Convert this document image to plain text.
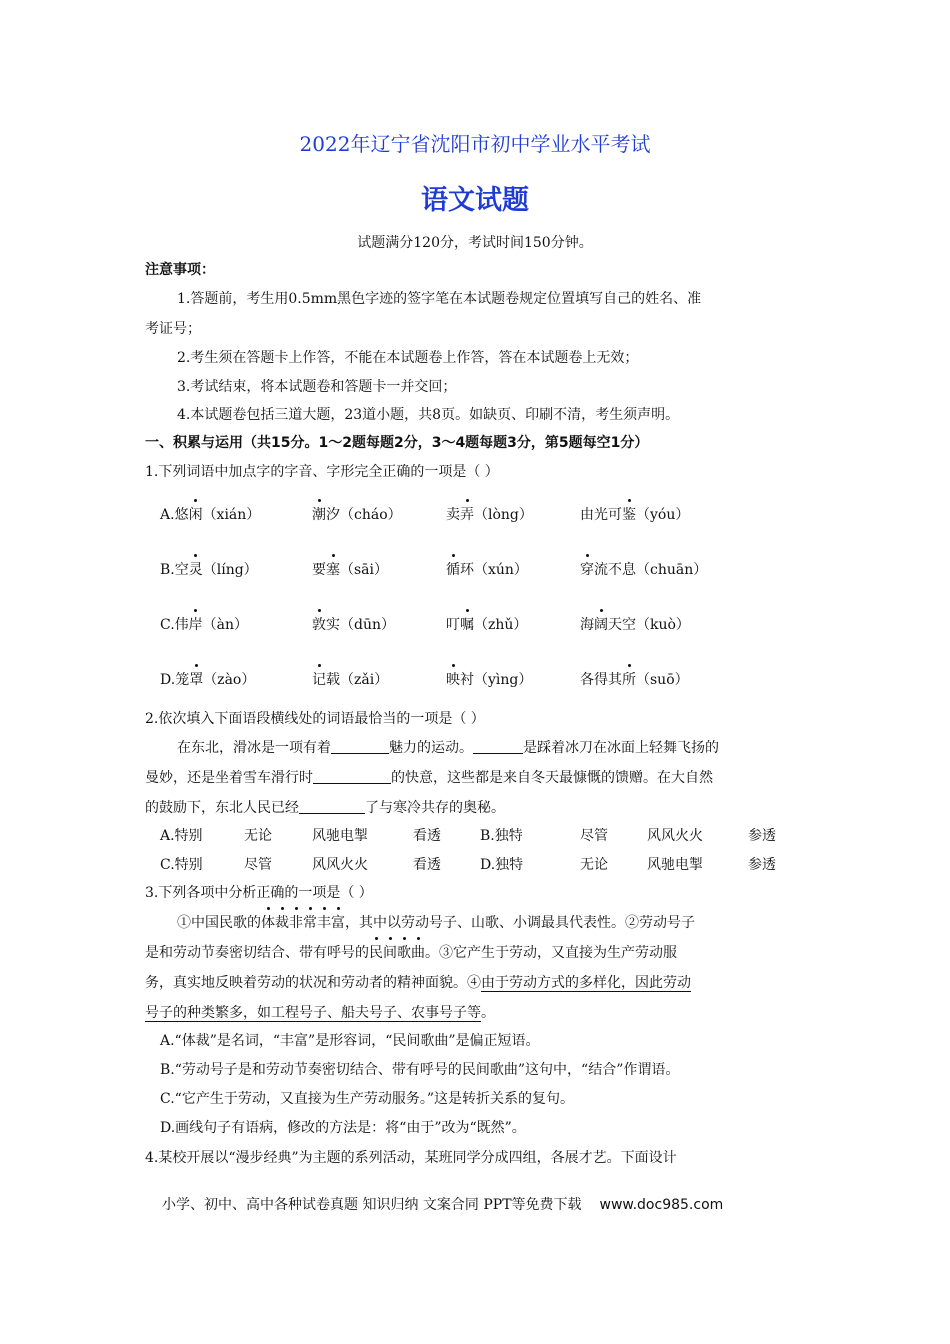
2022年辽宁省沈阳市初中学业水平考试
语文试题
试题满分120分，考试时间150分钟。
注意事项：
1.答题前，考生用0.5mm黑色字迹的签字笔在本试题卷规定位置填写自己的姓名、准
考证号；
2.考生须在答题卡上作答，不能在本试题卷上作答，答在本试题卷上无效；
3.考试结束，将本试题卷和答题卡一并交回；
4.本试题卷包括三道大题，23道小题，共8页。如缺页、印刷不清，考生须声明。
一、积累与运用（共15分。1～2题每题2分，3～4题每题3分，第5题每空1分）
1.下列词语中加点字的字音、字形完全正确的一项是（ ）
A.悠闲（xián）	潮汐（cháo）	卖弄（lòng）	由光可鉴（yóu）
B.空灵（líng）	要塞（sāi）	循环（xún）	穿流不息（chuān）
C.伟岸（àn）	敦实（dūn）	叮嘱（zhǔ）	海阔天空（kuò）
D.笼罩（zào）	记载（zǎi）	映衬（yìng）	各得其所（suō）
2.依次填入下面语段横线处的词语最恰当的一项是（ ）
在东北，滑冰是一项有着	魅力的运动。	是踩着冰刀在冰面上轻舞飞扬的
曼妙，还是坐着雪车滑行时	的快意，这些都是来自冬天最慷慨的馈赠。在大自然
的鼓励下，东北人民已经	了与寒冷共存的奥秘。
A.特别	无论	风驰电掣	看透	B.独特	尽管	风风火火	参透
C.特别	尽管	风风火火	看透	D.独特	无论	风驰电掣	参透
3.下列各项中分析正确的一项是（ ）
①中国民歌的体裁非常丰富，其中以劳动号子、山歌、小调最具代表性。②劳动号子
是和劳动节奏密切结合、带有呼号的民间歌曲。③它产生于劳动，又直接为生产劳动服
务，真实地反映着劳动的状况和劳动者的精神面貌。④由于劳动方式的多样化，因此劳动
号子的种类繁多，如工程号子、船夫号子、农事号子等。
A.“体裁”是名词，“丰富”是形容词，“民间歌曲”是偏正短语。
B.“劳动号子是和劳动节奏密切结合、带有呼号的民间歌曲”这句中，“结合”作谓语。
C.“它产生于劳动，又直接为生产劳动服务。”这是转折关系的复句。
D.画线句子有语病，修改的方法是：将“由于”改为“既然”。
4.某校开展以“漫步经典”为主题的系列活动，某班同学分成四组，各展才艺。下面设计
小学、初中、高中各种试卷真题 知识归纳 文案合同 PPT等免费下载 www.doc985.com
